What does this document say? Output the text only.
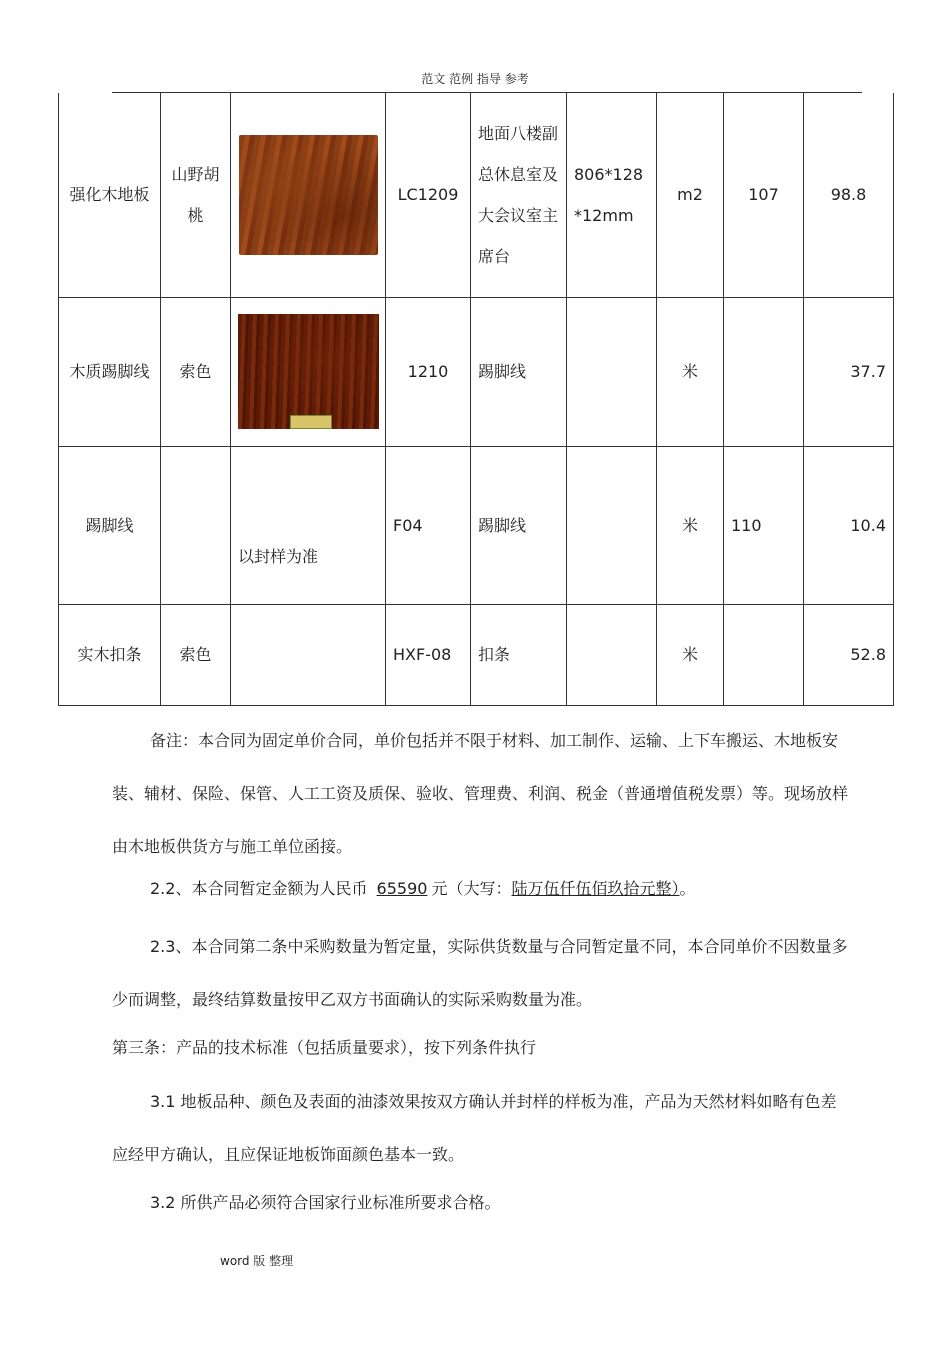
范文 范例 指导 参考
强化木地板	山野胡桃		LC1209	地面八楼副总休息室及大会议室主席台	806*128*12mm	m2	107	98.8
木质踢脚线	索色		1210	踢脚线		米		37.7
踢脚线		以封样为准	F04	踢脚线		米	110	10.4
实木扣条	索色		HXF-08	扣条		米		52.8
备注：本合同为固定单价合同，单价包括并不限于材料、加工制作、运输、上下车搬运、木地板安装、辅材、保险、保管、人工工资及质保、验收、管理费、利润、税金（普通增值税发票）等。现场放样由木地板供货方与施工单位函接。
2.2、本合同暂定金额为人民币 65590 元（大写：陆万伍仟伍佰玖拾元整）。
2.3、本合同第二条中采购数量为暂定量，实际供货数量与合同暂定量不同，本合同单价不因数量多少而调整，最终结算数量按甲乙双方书面确认的实际采购数量为准。
第三条：产品的技术标准（包括质量要求），按下列条件执行
3.1 地板品种、颜色及表面的油漆效果按双方确认并封样的样板为准，产品为天然材料如略有色差应经甲方确认，且应保证地板饰面颜色基本一致。
3.2 所供产品必须符合国家行业标准所要求合格。
word 版 整理
